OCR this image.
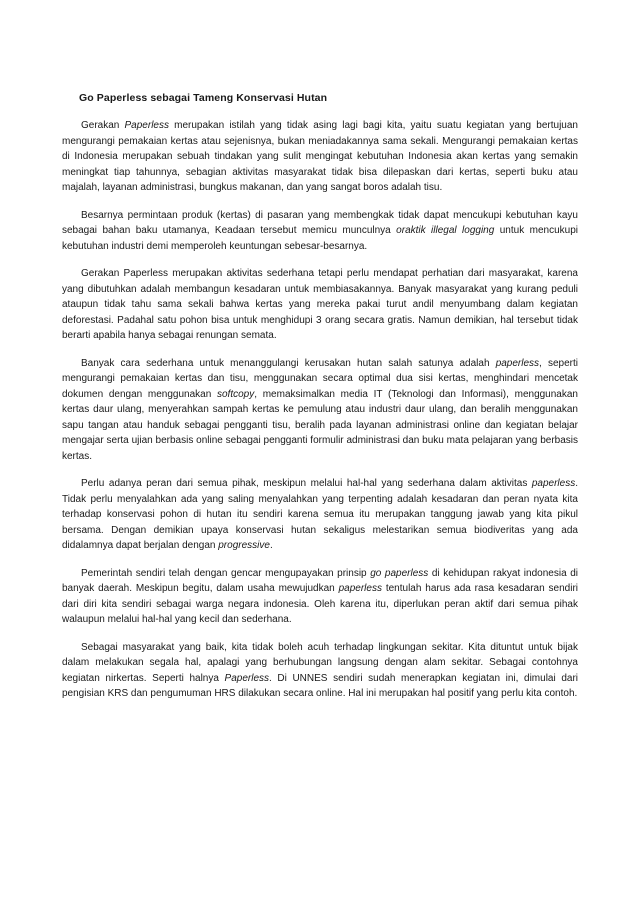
Go Paperless sebagai Tameng Konservasi Hutan

Gerakan Paperless merupakan istilah yang tidak asing lagi bagi kita, yaitu suatu kegiatan yang bertujuan mengurangi pemakaian kertas atau sejenisnya, bukan meniadakannya sama sekali. Mengurangi pemakaian kertas di Indonesia merupakan sebuah tindakan yang sulit mengingat kebutuhan Indonesia akan kertas yang semakin meningkat tiap tahunnya, sebagian aktivitas masyarakat tidak bisa dilepaskan dari kertas, seperti buku atau majalah, layanan administrasi, bungkus makanan, dan yang sangat boros adalah tisu.

Besarnya permintaan produk (kertas) di pasaran yang membengkak tidak dapat mencukupi kebutuhan kayu sebagai bahan baku utamanya, Keadaan tersebut memicu munculnya oraktik illegal logging untuk mencukupi kebutuhan industri demi memperoleh keuntungan sebesar-besarnya.

Gerakan Paperless merupakan aktivitas sederhana tetapi perlu mendapat perhatian dari masyarakat, karena yang dibutuhkan adalah membangun kesadaran untuk membiasakannya. Banyak masyarakat yang kurang peduli ataupun tidak tahu sama sekali bahwa kertas yang mereka pakai turut andil menyumbang dalam kegiatan deforestasi. Padahal satu pohon bisa untuk menghidupi 3 orang secara gratis. Namun demikian, hal tersebut tidak berarti apabila hanya sebagai renungan semata.

Banyak cara sederhana untuk menanggulangi kerusakan hutan salah satunya adalah paperless, seperti mengurangi pemakaian kertas dan tisu, menggunakan secara optimal dua sisi kertas, menghindari mencetak dokumen dengan menggunakan softcopy, memaksimalkan media IT (Teknologi dan Informasi), menggunakan kertas daur ulang, menyerahkan sampah kertas ke pemulung atau industri daur ulang, dan beralih menggunakan sapu tangan atau handuk sebagai pengganti tisu, beralih pada layanan administrasi online dan kegiatan belajar mengajar serta ujian berbasis online sebagai pengganti formulir administrasi dan buku mata pelajaran yang berbasis kertas.

Perlu adanya peran dari semua pihak, meskipun melalui hal-hal yang sederhana dalam aktivitas paperless. Tidak perlu menyalahkan ada yang saling menyalahkan yang terpenting adalah kesadaran dan peran nyata kita terhadap konservasi pohon di hutan itu sendiri karena semua itu merupakan tanggung jawab yang kita pikul bersama. Dengan demikian upaya konservasi hutan sekaligus melestarikan semua biodiveritas yang ada didalamnya dapat berjalan dengan progressive.

Pemerintah sendiri telah dengan gencar mengupayakan prinsip go paperless di kehidupan rakyat indonesia di banyak daerah. Meskipun begitu, dalam usaha mewujudkan paperless tentulah harus ada rasa kesadaran sendiri dari diri kita sendiri sebagai warga negara indonesia. Oleh karena itu, diperlukan peran aktif dari semua pihak walaupun melalui hal-hal yang kecil dan sederhana.

Sebagai masyarakat yang baik, kita tidak boleh acuh terhadap lingkungan sekitar. Kita dituntut untuk bijak dalam melakukan segala hal, apalagi yang berhubungan langsung dengan alam sekitar. Sebagai contohnya kegiatan nirkertas. Seperti halnya Paperless. Di UNNES sendiri sudah menerapkan kegiatan ini, dimulai dari pengisian KRS dan pengumuman HRS dilakukan secara online. Hal ini merupakan hal positif yang perlu kita contoh.
